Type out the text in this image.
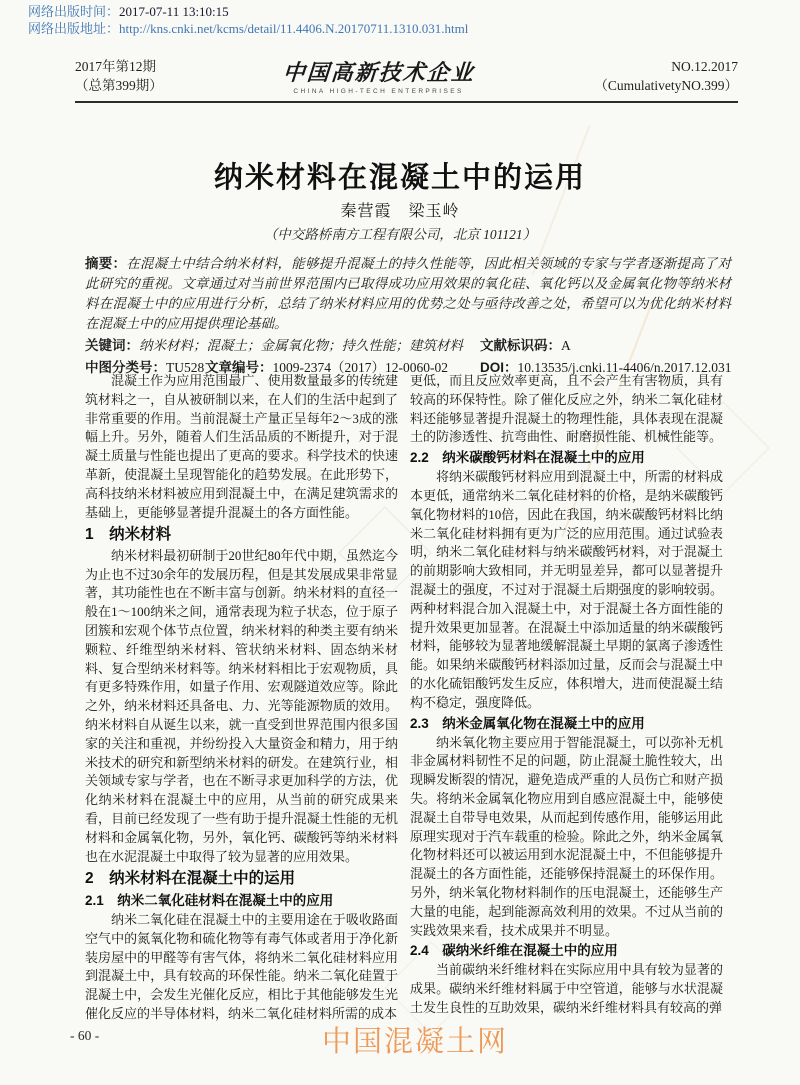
网络出版时间：2017-07-11 13:10:15
网络出版地址：http://kns.cnki.net/kcms/detail/11.4406.N.20170711.1310.031.html
2017年第12期
（总第399期）	中国高新技术企业
CHINA HIGH-TECH ENTERPRISES
NO.12.2017
（CumulativetyNO.399）
纳米材料在混凝土中的运用
秦营霞　梁玉岭
（中交路桥南方工程有限公司，北京 101121）

摘要：在混凝土中结合纳米材料，能够提升混凝土的持久性能等，因此相关领域的专家与学者逐渐提高了对此研究的重视。文章通过对当前世界范围内已取得成功应用效果的氧化硅、氧化钙以及金属氧化物等纳米材料在混凝土中的应用进行分析，总结了纳米材料应用的优势之处与亟待改善之处，希望可以为优化纳米材料在混凝土中的应用提供理论基础。

关键词：纳米材料；混凝土；金属氧化物；持久性能；建筑材料 文献标识码：A
中图分类号：TU528 文章编号：1009-2374（2017）12-0060-02 DOI：10.13535/j.cnki.11-4406/n.2017.12.031

混凝土作为应用范围最广、使用数量最多的传统建筑材料之一，自从被研制以来，在人们的生活中起到了非常重要的作用。当前混凝土产量正呈每年2～3成的涨幅上升。另外，随着人们生活品质的不断提升，对于混凝土质量与性能也提出了更高的要求。科学技术的快速革新，使混凝土呈现智能化的趋势发展。在此形势下，高科技纳米材料被应用到混凝土中，在满足建筑需求的基础上，更能够显著提升混凝土的各方面性能。

1　纳米材料

纳米材料最初研制于20世纪80年代中期，虽然迄今为止也不过30余年的发展历程，但是其发展成果非常显著，其功能性也在不断丰富与创新。纳米材料的直径一般在1～100纳米之间，通常表现为粒子状态，位于原子团簇和宏观个体节点位置，纳米材料的种类主要有纳米颗粒、纤维型纳米材料、管状纳米材料、固态纳米材料、复合型纳米材料等。纳米材料相比于宏观物质，具有更多特殊作用，如量子作用、宏观隧道效应等。除此之外，纳米材料还具备电、力、光等能源物质的效用。纳米材料自从诞生以来，就一直受到世界范围内很多国家的关注和重视，并纷纷投入大量资金和精力，用于纳米技术的研究和新型纳米材料的研发。在建筑行业，相关领域专家与学者，也在不断寻求更加科学的方法，优化纳米材料在混凝土中的应用，从当前的研究成果来看，目前已经发现了一些有助于提升混凝土性能的无机材料和金属氧化物，另外，氧化钙、碳酸钙等纳米材料也在水泥混凝土中取得了较为显著的应用效果。

2　纳米材料在混凝土中的运用
2.1　纳米二氧化硅材料在混凝土中的应用

纳米二氧化硅在混凝土中的主要用途在于吸收路面空气中的氮氧化物和硫化物等有毒气体或者用于净化新装房屋中的甲醛等有害气体，将纳米二氧化硅材料应用到混凝土中，具有较高的环保性能。纳米二氧化硅置于混凝土中，会发生光催化反应，相比于其他能够发生光催化反应的半导体材料，纳米二氧化硅材料所需的成本

更低，而且反应效率更高，且不会产生有害物质，具有较高的环保特性。除了催化反应之外，纳米二氧化硅材料还能够显著提升混凝土的物理性能，具体表现在混凝土的防渗透性、抗弯曲性、耐磨损性能、机械性能等。

2.2　纳米碳酸钙材料在混凝土中的应用

将纳米碳酸钙材料应用到混凝土中，所需的材料成本更低，通常纳米二氧化硅材料的价格，是纳米碳酸钙氧化物材料的10倍，因此在我国，纳米碳酸钙材料比纳米二氧化硅材料拥有更为广泛的应用范围。通过试验表明，纳米二氧化硅材料与纳米碳酸钙材料，对于混凝土的前期影响大致相同，并无明显差异，都可以显著提升混凝土的强度，不过对于混凝土后期强度的影响较弱。两种材料混合加入混凝土中，对于混凝土各方面性能的提升效果更加显著。在混凝土中添加适量的纳米碳酸钙材料，能够较为显著地缓解混凝土早期的氯离子渗透性能。如果纳米碳酸钙材料添加过量，反而会与混凝土中的水化硫铝酸钙发生反应，体积增大，进而使混凝土结构不稳定，强度降低。

2.3　纳米金属氧化物在混凝土中的应用

纳米氧化物主要应用于智能混凝土，可以弥补无机非金属材料韧性不足的问题，防止混凝土脆性较大，出现瞬发断裂的情况，避免造成严重的人员伤亡和财产损失。将纳米金属氧化物应用到自感应混凝土中，能够使混凝土自带导电效果，从而起到传感作用，能够运用此原理实现对于汽车载重的检验。除此之外，纳米金属氧化物材料还可以被运用到水泥混凝土中，不但能够提升混凝土的各方面性能，还能够保持混凝土的环保作用。另外，纳米氧化物材料制作的压电混凝土，还能够生产大量的电能，起到能源高效利用的效果。不过从当前的实践效果来看，技术成果并不明显。

2.4　碳纳米纤维在混凝土中的应用

当前碳纳米纤维材料在实际应用中具有较为显著的成果。碳纳米纤维材料属于中空管道，能够与水状混凝土发生良性的互助效果，碳纳米纤维材料具有较高的弹

- 60 -	中国混凝土网
